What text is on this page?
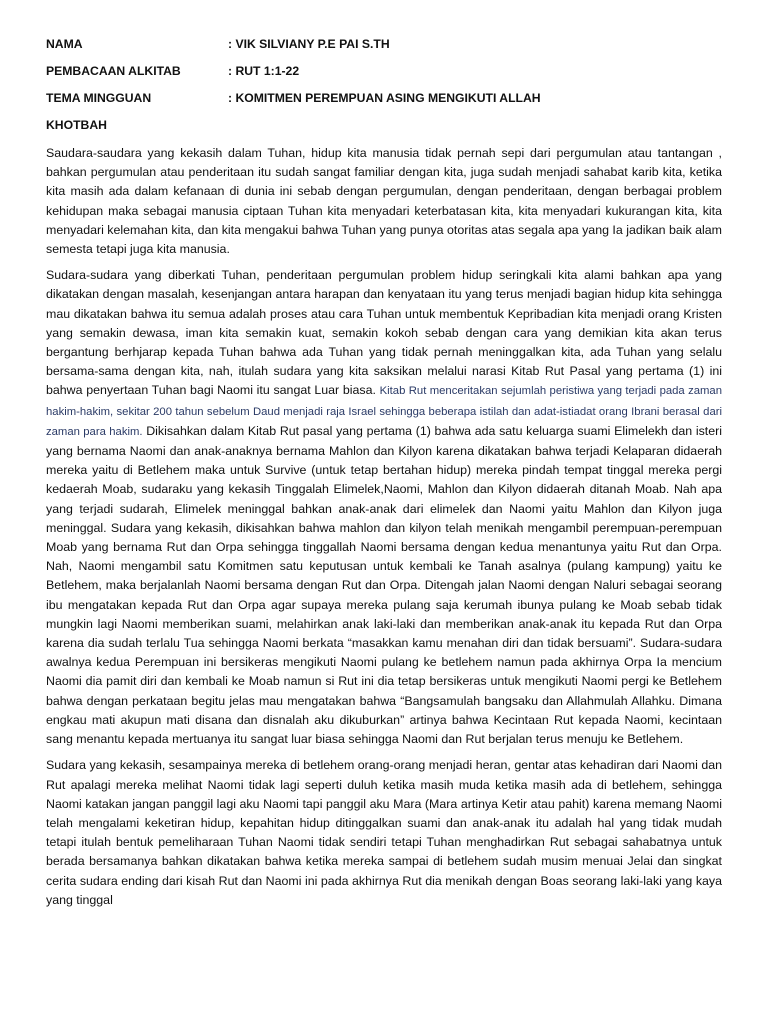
NAMA	: VIK SILVIANY P.E PAI S.TH
PEMBACAAN ALKITAB	: RUT 1:1-22
TEMA MINGGUAN	: KOMITMEN PEREMPUAN ASING MENGIKUTI ALLAH
KHOTBAH

Saudara-saudara yang kekasih dalam Tuhan, hidup kita manusia tidak pernah sepi dari pergumulan atau tantangan , bahkan pergumulan atau penderitaan itu sudah sangat familiar dengan kita, juga sudah menjadi sahabat karib kita, ketika kita masih ada dalam kefanaan di dunia ini sebab dengan pergumulan, dengan penderitaan, dengan berbagai problem kehidupan maka sebagai manusia ciptaan Tuhan kita menyadari keterbatasan kita, kita menyadari kukurangan kita, kita menyadari kelemahan kita, dan kita mengakui bahwa Tuhan yang punya otoritas atas segala apa yang Ia jadikan baik alam semesta tetapi juga kita manusia.

Sudara-sudara yang diberkati Tuhan, penderitaan pergumulan problem hidup seringkali kita alami bahkan apa yang dikatakan dengan masalah, kesenjangan antara harapan dan kenyataan itu yang terus menjadi bagian hidup kita sehingga mau dikatakan bahwa itu semua adalah proses atau cara Tuhan untuk membentuk Kepribadian kita menjadi orang Kristen yang semakin dewasa, iman kita semakin kuat, semakin kokoh sebab dengan cara yang demikian kita akan terus bergantung berhjarap kepada Tuhan bahwa ada Tuhan yang tidak pernah meninggalkan kita, ada Tuhan yang selalu bersama-sama dengan kita, nah, itulah sudara yang kita saksikan melalui narasi Kitab Rut Pasal yang pertama (1) ini bahwa penyertaan Tuhan bagi Naomi itu sangat Luar biasa. Kitab Rut menceritakan sejumlah peristiwa yang terjadi pada zaman hakim-hakim, sekitar 200 tahun sebelum Daud menjadi raja Israel sehingga beberapa istilah dan adat-istiadat orang Ibrani berasal dari zaman para hakim. Dikisahkan dalam Kitab Rut pasal yang pertama (1) bahwa ada satu keluarga suami Elimelekh dan isteri yang bernama Naomi dan anak-anaknya bernama Mahlon dan Kilyon karena dikatakan bahwa terjadi Kelaparan didaerah mereka yaitu di Betlehem maka untuk Survive (untuk tetap bertahan hidup) mereka pindah tempat tinggal mereka pergi kedaerah Moab, sudaraku yang kekasih Tinggalah Elimelek,Naomi, Mahlon dan Kilyon didaerah ditanah Moab. Nah apa yang terjadi sudarah, Elimelek meninggal bahkan anak-anak dari elimelek dan Naomi yaitu Mahlon dan Kilyon juga meninggal. Sudara yang kekasih, dikisahkan bahwa mahlon dan kilyon telah menikah mengambil perempuan-perempuan Moab yang bernama Rut dan Orpa sehingga tinggallah Naomi bersama dengan kedua menantunya yaitu Rut dan Orpa. Nah, Naomi mengambil satu Komitmen satu keputusan untuk kembali ke Tanah asalnya (pulang kampung) yaitu ke Betlehem, maka berjalanlah Naomi bersama dengan Rut dan Orpa. Ditengah jalan Naomi dengan Naluri sebagai seorang ibu mengatakan kepada Rut dan Orpa agar supaya mereka pulang saja kerumah ibunya pulang ke Moab sebab tidak mungkin lagi Naomi memberikan suami, melahirkan anak laki-laki dan memberikan anak-anak itu kepada Rut dan Orpa karena dia sudah terlalu Tua sehingga Naomi berkata “masakkan kamu menahan diri dan tidak bersuami”. Sudara-sudara awalnya kedua Perempuan ini bersikeras mengikuti Naomi pulang ke betlehem namun pada akhirnya Orpa Ia mencium Naomi dia pamit diri dan kembali ke Moab namun si Rut ini dia tetap bersikeras untuk mengikuti Naomi pergi ke Betlehem bahwa dengan perkataan begitu jelas mau mengatakan bahwa “Bangsamulah bangsaku dan Allahmulah Allahku. Dimana engkau mati akupun mati disana dan disnalah aku dikuburkan” artinya bahwa Kecintaan Rut kepada Naomi, kecintaan sang menantu kepada mertuanya itu sangat luar biasa sehingga Naomi dan Rut berjalan terus menuju ke Betlehem.

Sudara yang kekasih, sesampainya mereka di betlehem orang-orang menjadi heran, gentar atas kehadiran dari Naomi dan Rut apalagi mereka melihat Naomi tidak lagi seperti duluh ketika masih muda ketika masih ada di betlehem, sehingga Naomi katakan jangan panggil lagi aku Naomi tapi panggil aku Mara (Mara artinya Ketir atau pahit) karena memang Naomi telah mengalami keketiran hidup, kepahitan hidup ditinggalkan suami dan anak-anak itu adalah hal yang tidak mudah tetapi itulah bentuk pemeliharaan Tuhan Naomi tidak sendiri tetapi Tuhan menghadirkan Rut sebagai sahabatnya untuk berada bersamanya bahkan dikatakan bahwa ketika mereka sampai di betlehem sudah musim menuai Jelai dan singkat cerita sudara ending dari kisah Rut dan Naomi ini pada akhirnya Rut dia menikah dengan Boas seorang laki-laki yang kaya yang tinggal
